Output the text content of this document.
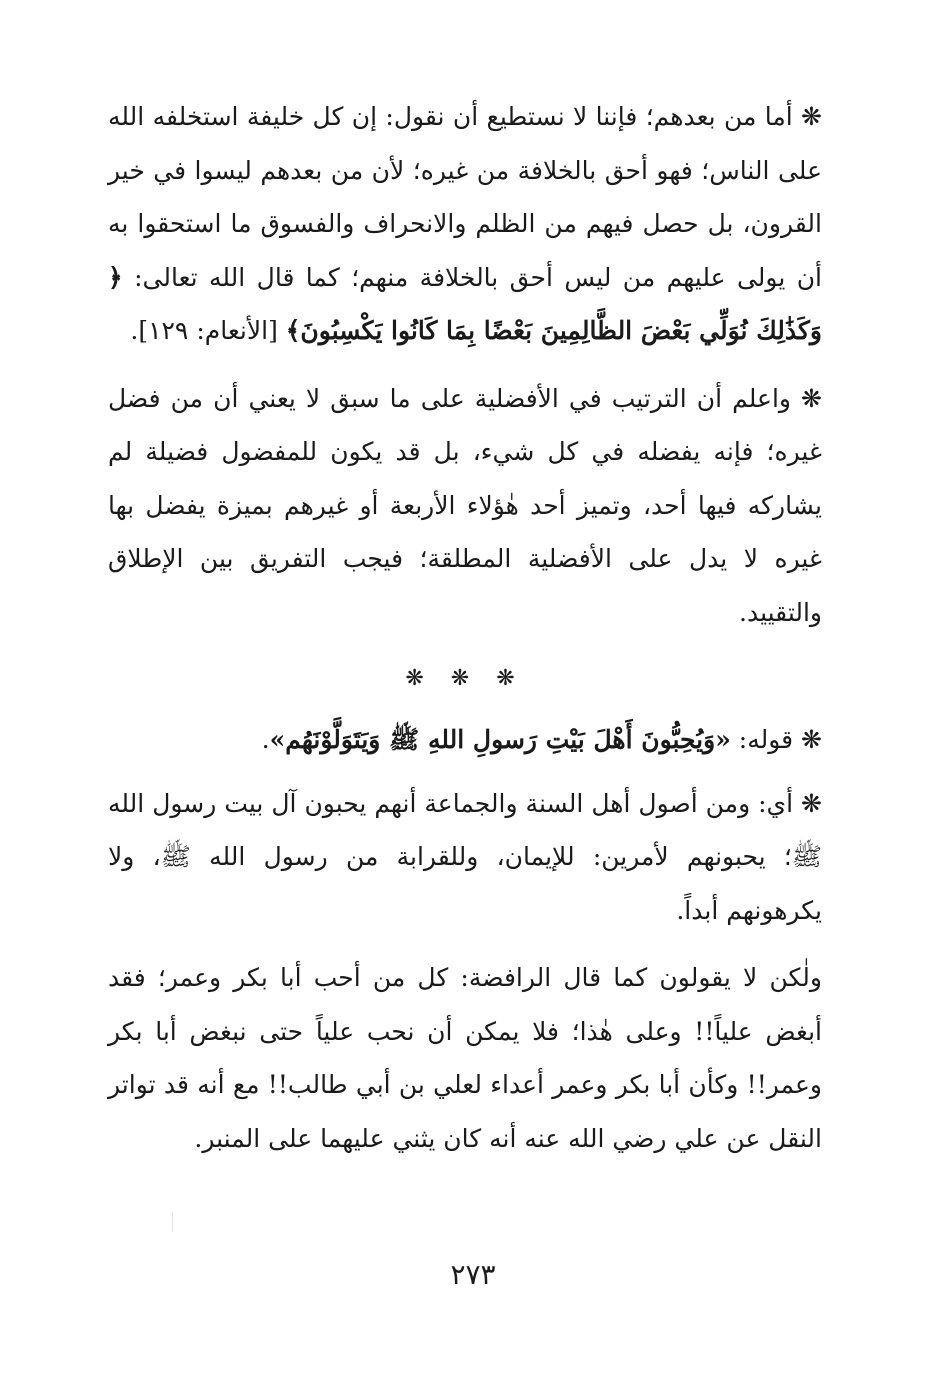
❋ أما من بعدهم؛ فإننا لا نستطيع أن نقول: إن كل خليفة استخلفه الله على الناس؛ فهو أحق بالخلافة من غيره؛ لأن من بعدهم ليسوا في خير القرون، بل حصل فيهم من الظلم والانحراف والفسوق ما استحقوا به أن يولى عليهم من ليس أحق بالخلافة منهم؛ كما قال الله تعالى: ﴿ وَكَذَٰلِكَ نُوَلِّي بَعْضَ الظَّالِمِينَ بَعْضًا بِمَا كَانُوا يَكْسِبُونَ﴾ [الأنعام: ١٢٩].

❋ واعلم أن الترتيب في الأفضلية على ما سبق لا يعني أن من فضل غيره؛ فإنه يفضله في كل شيء، بل قد يكون للمفضول فضيلة لم يشاركه فيها أحد، وتميز أحد هٰؤلاء الأربعة أو غيرهم بميزة يفضل بها غيره لا يدل على الأفضلية المطلقة؛ فيجب التفريق بين الإطلاق والتقييد.

❋ ❋ ❋

❋ قوله: «وَيُحِبُّونَ أَهْلَ بَيْتِ رَسولِ اللهِ ﷺ وَيَتَوَلَّوْنَهُم».

❋ أي: ومن أصول أهل السنة والجماعة أنهم يحبون آل بيت رسول الله ﷺ؛ يحبونهم لأمرين: للإيمان، وللقرابة من رسول الله ﷺ، ولا يكرهونهم أبداً.

ولٰكن لا يقولون كما قال الرافضة: كل من أحب أبا بكر وعمر؛ فقد أبغض علياً!! وعلى هٰذا؛ فلا يمكن أن نحب علياً حتى نبغض أبا بكر وعمر!! وكأن أبا بكر وعمر أعداء لعلي بن أبي طالب!! مع أنه قد تواتر النقل عن علي رضي الله عنه أنه كان يثني عليهما على المنبر.

٢٧٣
